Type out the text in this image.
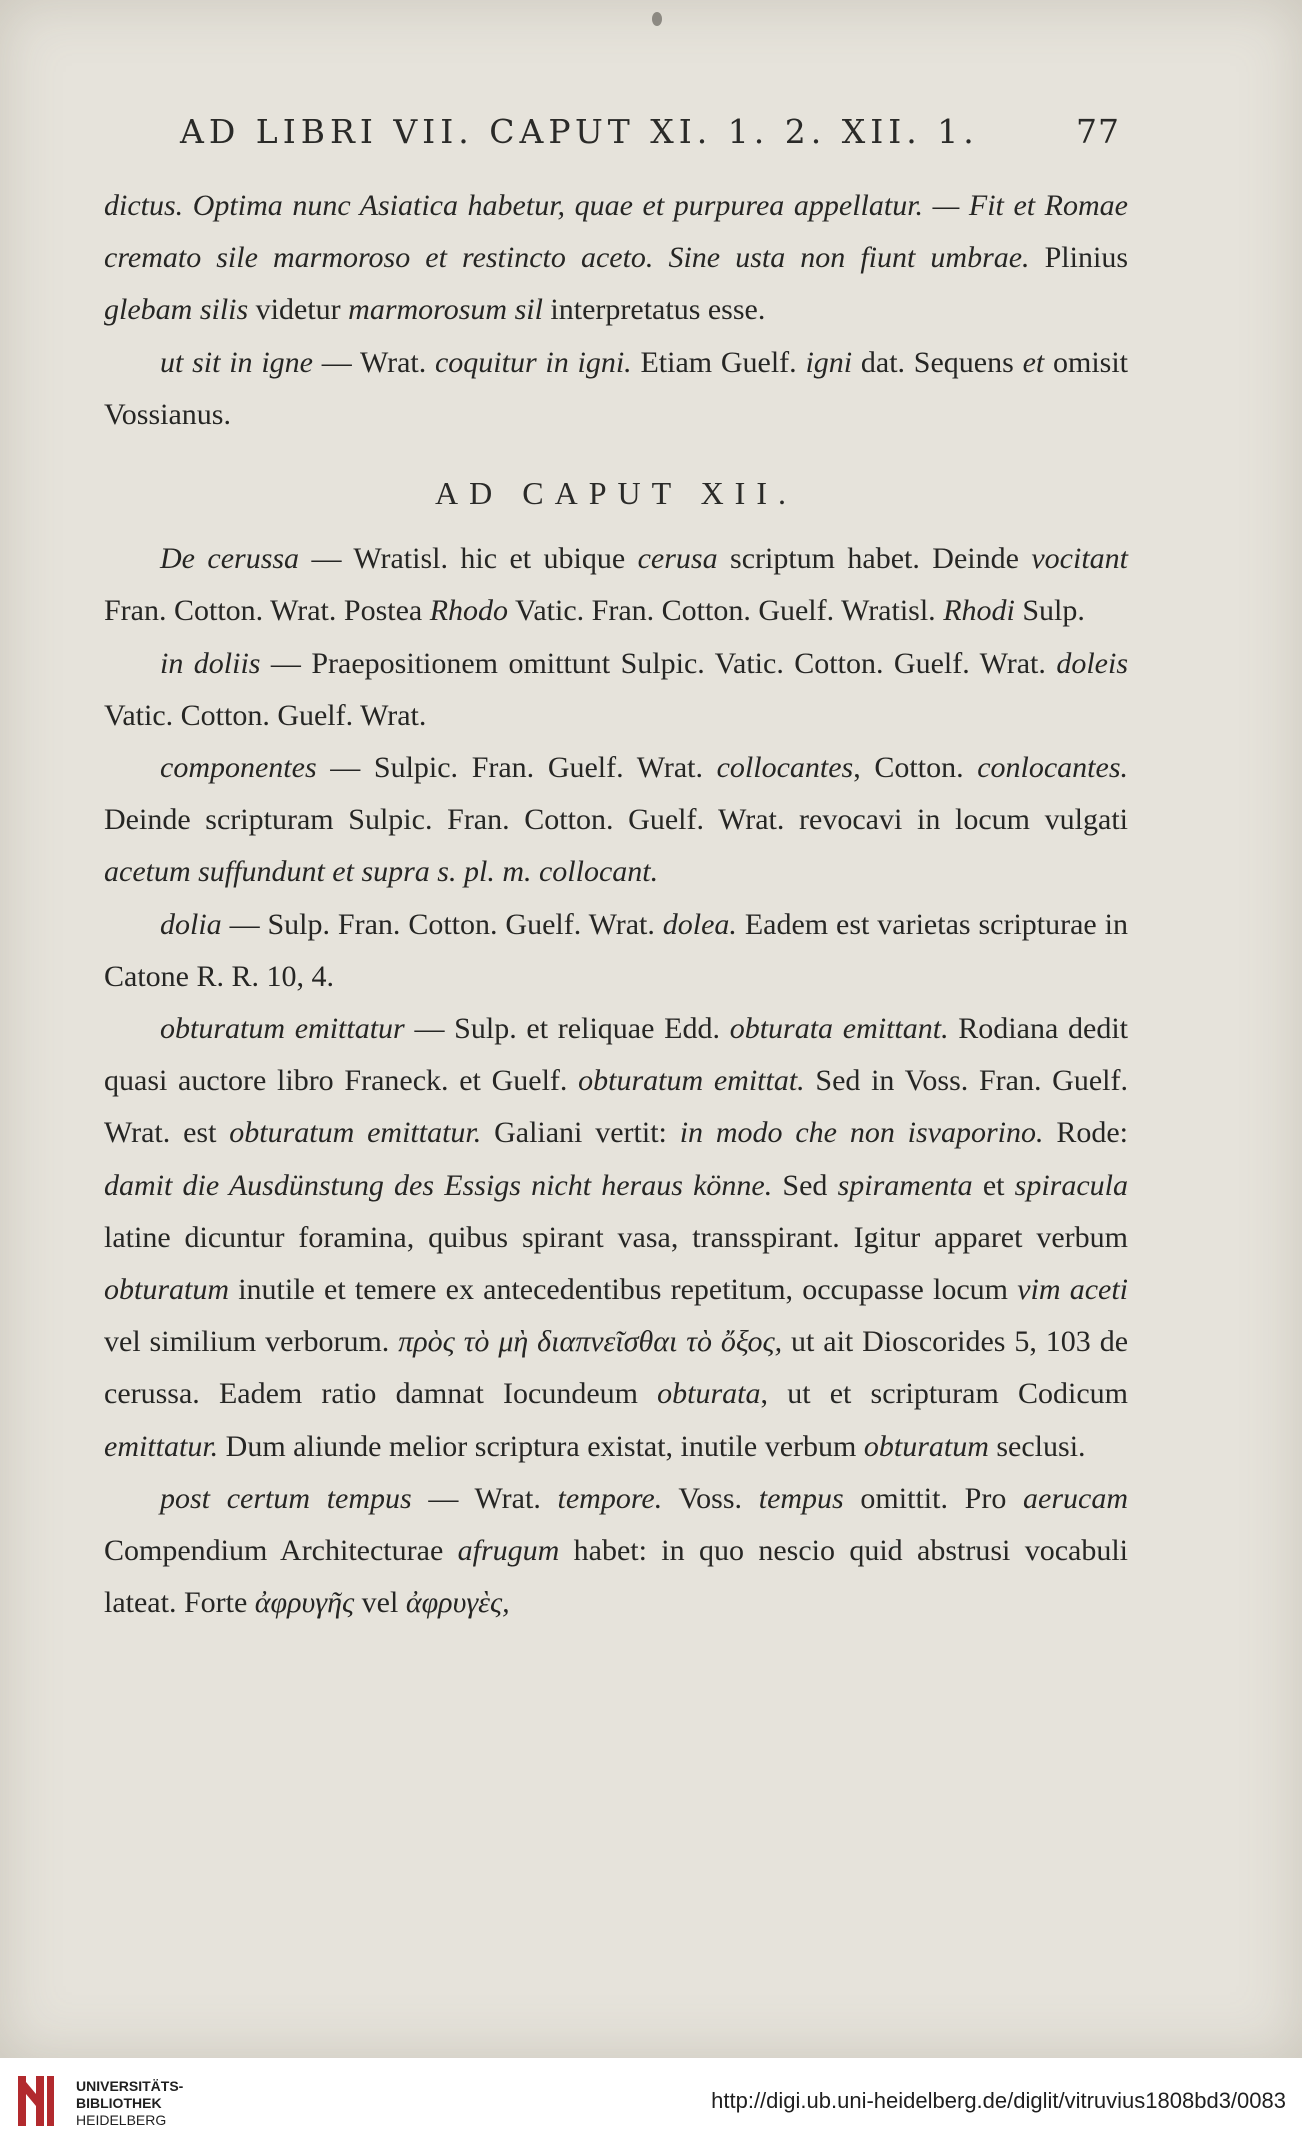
AD LIBRI VII. CAPUT XI. 1. 2. XII. 1.	77

dictus. Optima nunc Asiatica habetur, quae et purpurea appellatur. — Fit et Romae cremato sile marmoroso et restincto aceto. Sine usta non fiunt umbrae. Plinius glebam silis videtur marmorosum sil interpretatus esse.

ut sit in igne — Wrat. coquitur in igni. Etiam Guelf. igni dat. Sequens et omisit Vossianus.

AD CAPUT XII.

De cerussa — Wratisl. hic et ubique cerusa scriptum habet. Deinde vocitant Fran. Cotton. Wrat. Postea Rhodo Vatic. Fran. Cotton. Guelf. Wratisl. Rhodi Sulp.

in doliis — Praepositionem omittunt Sulpic. Vatic. Cotton. Guelf. Wrat. doleis Vatic. Cotton. Guelf. Wrat.

componentes — Sulpic. Fran. Guelf. Wrat. collocantes, Cotton. conlocantes. Deinde scripturam Sulpic. Fran. Cotton. Guelf. Wrat. revocavi in locum vulgati acetum suffundunt et supra s. pl. m. collocant.

dolia — Sulp. Fran. Cotton. Guelf. Wrat. dolea. Eadem est varietas scripturae in Catone R. R. 10, 4.

obturatum emittatur — Sulp. et reliquae Edd. obturata emittant. Rodiana dedit quasi auctore libro Franeck. et Guelf. obturatum emittat. Sed in Voss. Fran. Guelf. Wrat. est obturatum emittatur. Galiani vertit: in modo che non isvaporino. Rode: damit die Ausdünstung des Essigs nicht heraus könne. Sed spiramenta et spiracula latine dicuntur foramina, quibus spirant vasa, transspirant. Igitur apparet verbum obturatum inutile et temere ex antecedentibus repetitum, occupasse locum vim aceti vel similium verborum. πρὸς τὸ μὴ διαπνεῖσθαι τὸ ὄξος, ut ait Dioscorides 5, 103 de cerussa. Eadem ratio damnat Iocundeum obturata, ut et scripturam Codicum emittatur. Dum aliunde melior scriptura existat, inutile verbum obturatum seclusi.

post certum tempus — Wrat. tempore. Voss. tempus omittit. Pro aerucam Compendium Architecturae afrugum habet: in quo nescio quid abstrusi vocabuli lateat. Forte ἀφρυγῆς vel ἀφρυγὲς,

UNIVERSITÄTS-
BIBLIOTHEK
HEIDELBERG
http://digi.ub.uni-heidelberg.de/diglit/vitruvius1808bd3/0083
